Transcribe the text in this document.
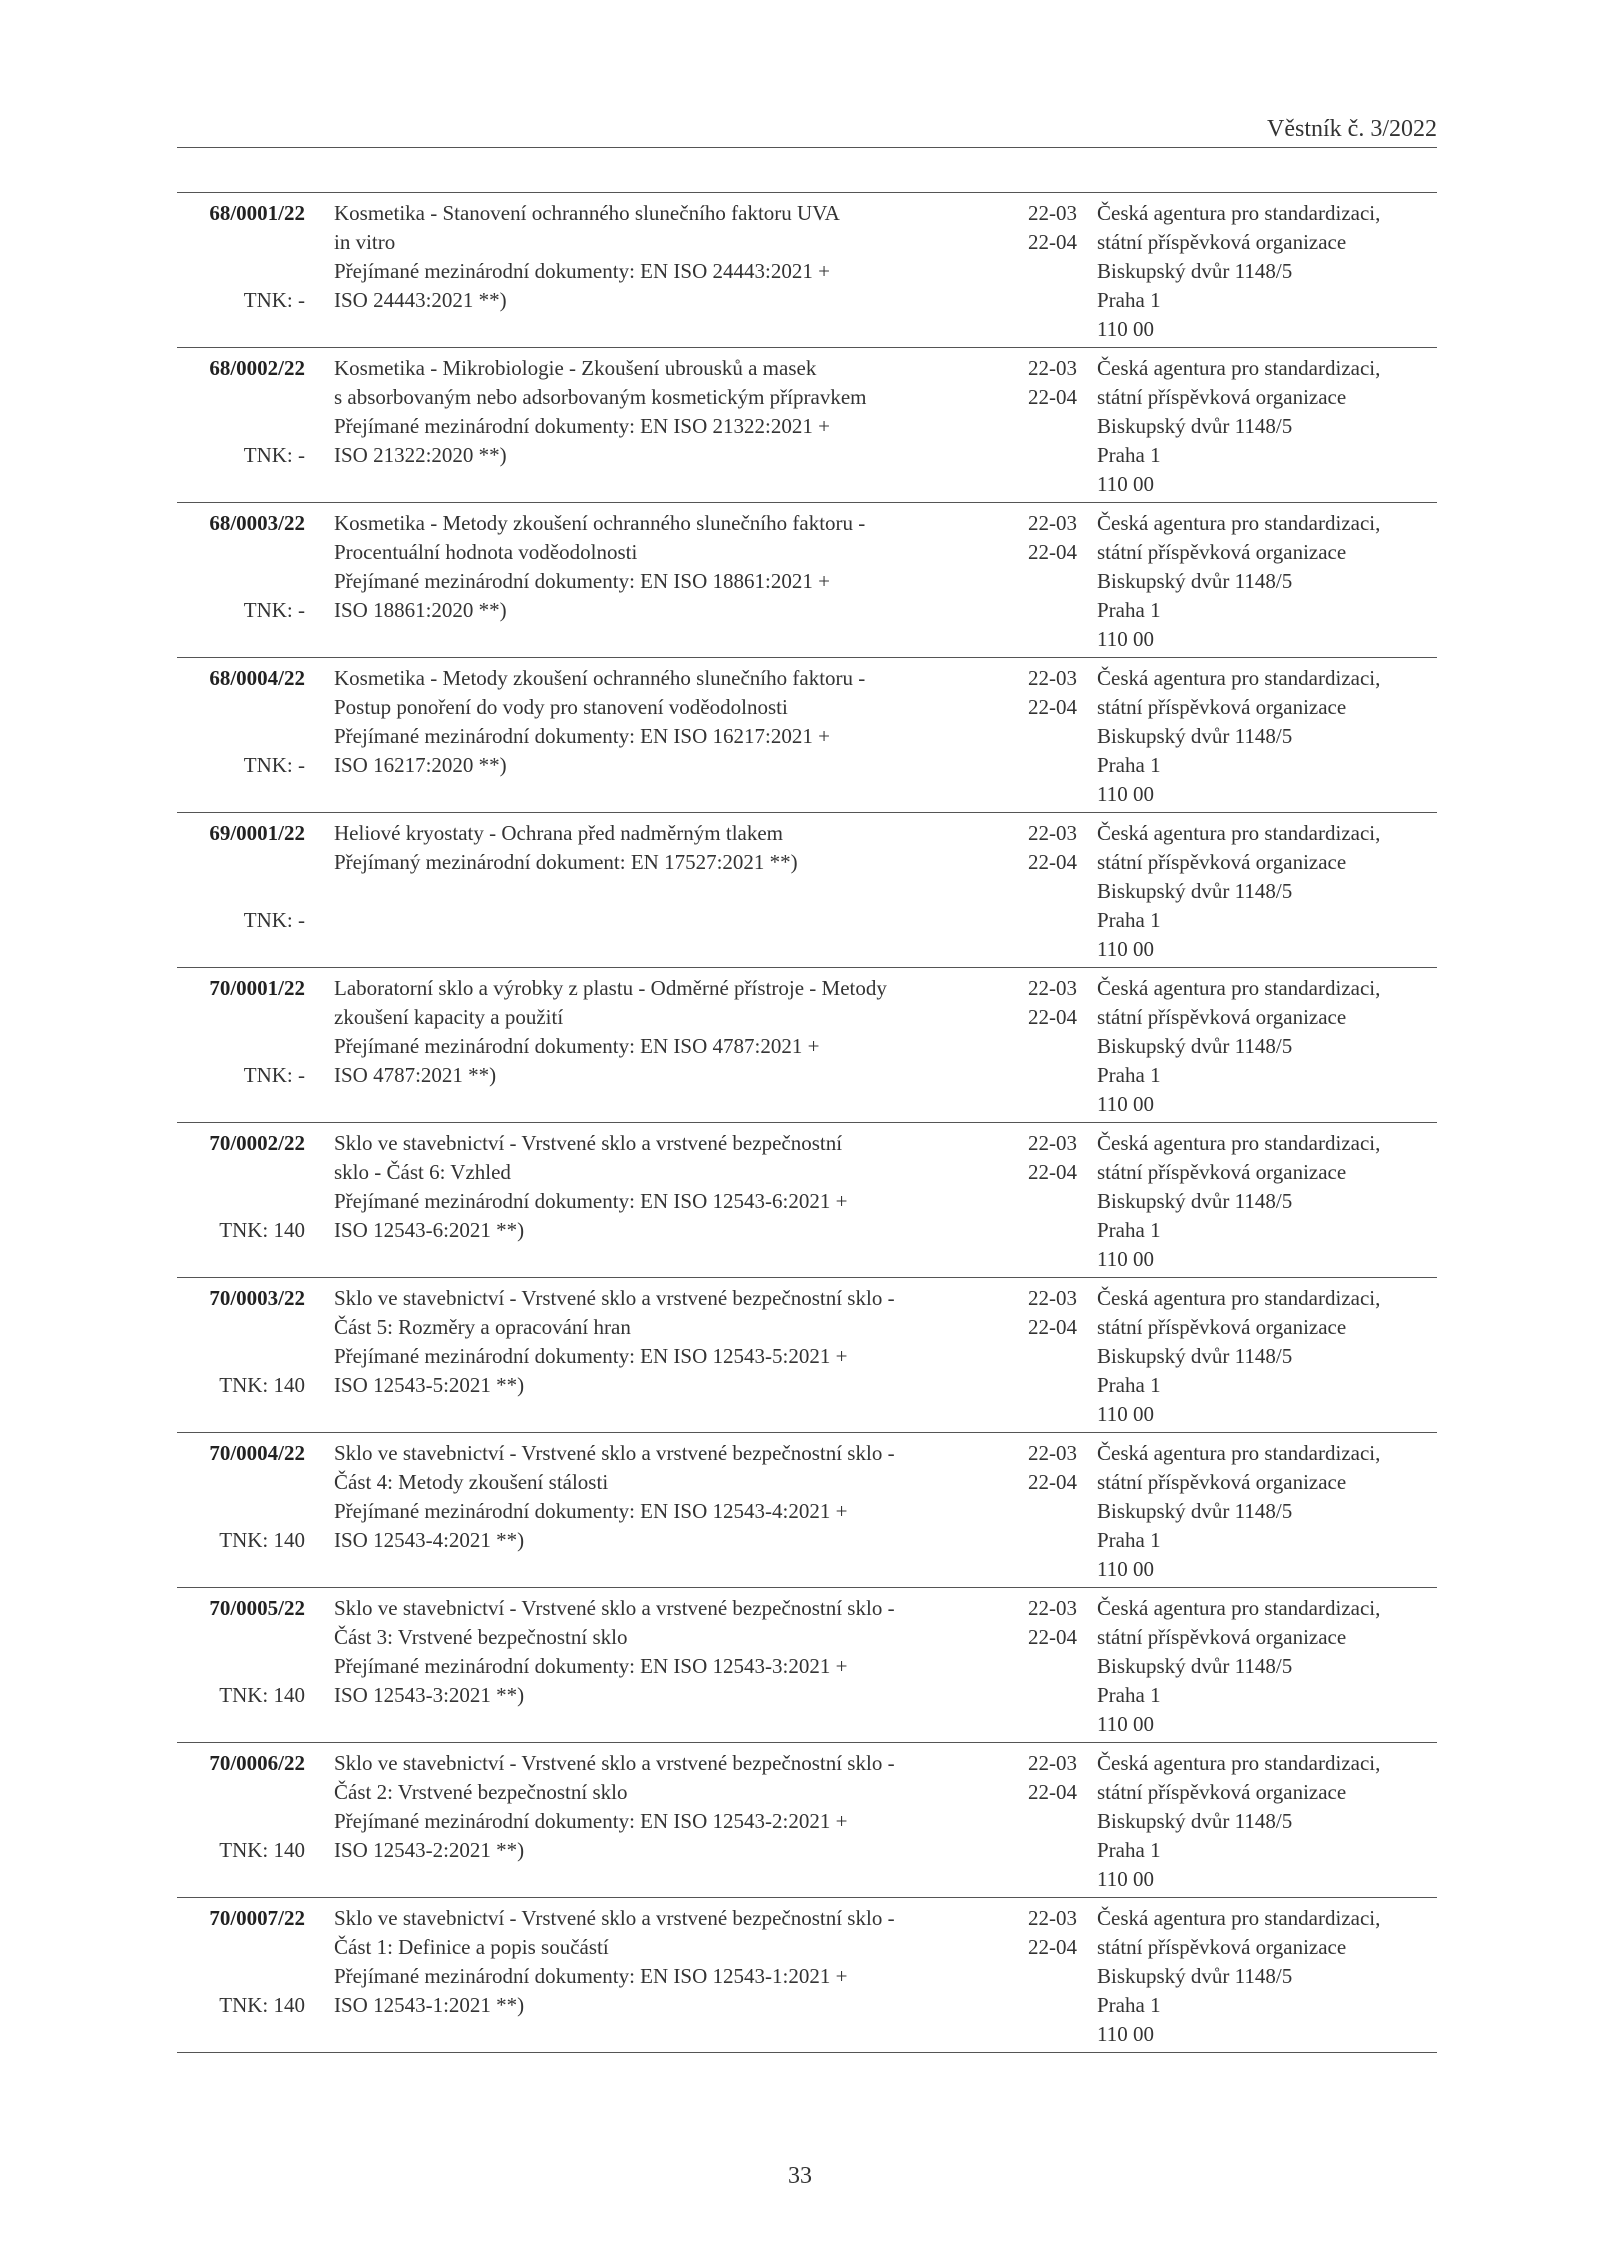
Věstník č. 3/2022
68/0001/22
TNK: -
Kosmetika - Stanovení ochranného slunečního faktoru UVA
in vitro
Přejímané mezinárodní dokumenty: EN ISO 24443:2021 +
ISO 24443:2021 **)
22-03
22-04
Česká agentura pro standardizaci,
státní příspěvková organizace
Biskupský dvůr 1148/5
Praha 1
110 00
68/0002/22
TNK: -
Kosmetika - Mikrobiologie - Zkoušení ubrousků a masek
s absorbovaným nebo adsorbovaným kosmetickým přípravkem
Přejímané mezinárodní dokumenty: EN ISO 21322:2021 +
ISO 21322:2020 **)
22-03
22-04
Česká agentura pro standardizaci,
státní příspěvková organizace
Biskupský dvůr 1148/5
Praha 1
110 00
68/0003/22
TNK: -
Kosmetika - Metody zkoušení ochranného slunečního faktoru -
Procentuální hodnota voděodolnosti
Přejímané mezinárodní dokumenty: EN ISO 18861:2021 +
ISO 18861:2020 **)
22-03
22-04
Česká agentura pro standardizaci,
státní příspěvková organizace
Biskupský dvůr 1148/5
Praha 1
110 00
68/0004/22
TNK: -
Kosmetika - Metody zkoušení ochranného slunečního faktoru -
Postup ponoření do vody pro stanovení voděodolnosti
Přejímané mezinárodní dokumenty: EN ISO 16217:2021 +
ISO 16217:2020 **)
22-03
22-04
Česká agentura pro standardizaci,
státní příspěvková organizace
Biskupský dvůr 1148/5
Praha 1
110 00
69/0001/22
TNK: -
Heliové kryostaty - Ochrana před nadměrným tlakem
Přejímaný mezinárodní dokument: EN 17527:2021 **)
22-03
22-04
Česká agentura pro standardizaci,
státní příspěvková organizace
Biskupský dvůr 1148/5
Praha 1
110 00
70/0001/22
TNK: -
Laboratorní sklo a výrobky z plastu - Odměrné přístroje - Metody
zkoušení kapacity a použití
Přejímané mezinárodní dokumenty: EN ISO 4787:2021 +
ISO 4787:2021 **)
22-03
22-04
Česká agentura pro standardizaci,
státní příspěvková organizace
Biskupský dvůr 1148/5
Praha 1
110 00
70/0002/22
TNK: 140
Sklo ve stavebnictví - Vrstvené sklo a vrstvené bezpečnostní
sklo - Část 6: Vzhled
Přejímané mezinárodní dokumenty: EN ISO 12543-6:2021 +
ISO 12543-6:2021 **)
22-03
22-04
Česká agentura pro standardizaci,
státní příspěvková organizace
Biskupský dvůr 1148/5
Praha 1
110 00
70/0003/22
TNK: 140
Sklo ve stavebnictví - Vrstvené sklo a vrstvené bezpečnostní sklo -
Část 5: Rozměry a opracování hran
Přejímané mezinárodní dokumenty: EN ISO 12543-5:2021 +
ISO 12543-5:2021 **)
22-03
22-04
Česká agentura pro standardizaci,
státní příspěvková organizace
Biskupský dvůr 1148/5
Praha 1
110 00
70/0004/22
TNK: 140
Sklo ve stavebnictví - Vrstvené sklo a vrstvené bezpečnostní sklo -
Část 4: Metody zkoušení stálosti
Přejímané mezinárodní dokumenty: EN ISO 12543-4:2021 +
ISO 12543-4:2021 **)
22-03
22-04
Česká agentura pro standardizaci,
státní příspěvková organizace
Biskupský dvůr 1148/5
Praha 1
110 00
70/0005/22
TNK: 140
Sklo ve stavebnictví - Vrstvené sklo a vrstvené bezpečnostní sklo -
Část 3: Vrstvené bezpečnostní sklo
Přejímané mezinárodní dokumenty: EN ISO 12543-3:2021 +
ISO 12543-3:2021 **)
22-03
22-04
Česká agentura pro standardizaci,
státní příspěvková organizace
Biskupský dvůr 1148/5
Praha 1
110 00
70/0006/22
TNK: 140
Sklo ve stavebnictví - Vrstvené sklo a vrstvené bezpečnostní sklo -
Část 2: Vrstvené bezpečnostní sklo
Přejímané mezinárodní dokumenty: EN ISO 12543-2:2021 +
ISO 12543-2:2021 **)
22-03
22-04
Česká agentura pro standardizaci,
státní příspěvková organizace
Biskupský dvůr 1148/5
Praha 1
110 00
70/0007/22
TNK: 140
Sklo ve stavebnictví - Vrstvené sklo a vrstvené bezpečnostní sklo -
Část 1: Definice a popis součástí
Přejímané mezinárodní dokumenty: EN ISO 12543-1:2021 +
ISO 12543-1:2021 **)
22-03
22-04
Česká agentura pro standardizaci,
státní příspěvková organizace
Biskupský dvůr 1148/5
Praha 1
110 00
33
